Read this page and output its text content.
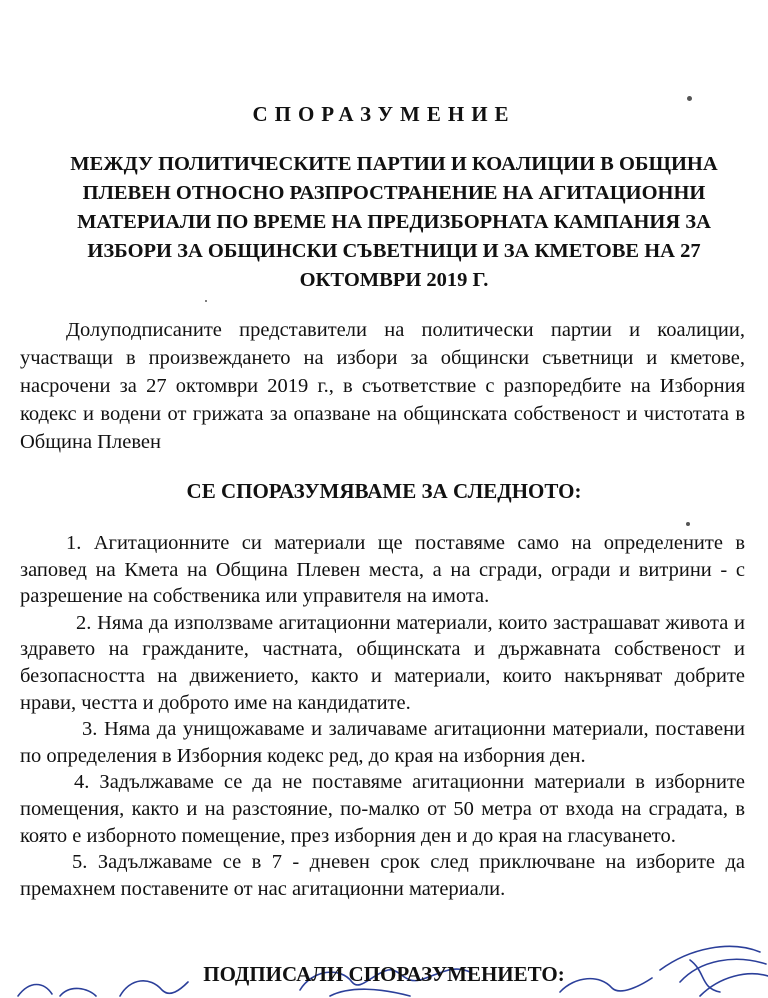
СПОРАЗУМЕНИЕ
МЕЖДУ ПОЛИТИЧЕСКИТЕ ПАРТИИ И КОАЛИЦИИ В ОБЩИНА ПЛЕВЕН ОТНОСНО РАЗПРОСТРАНЕНИЕ НА АГИТАЦИОННИ МАТЕРИАЛИ ПО ВРЕМЕ НА ПРЕДИЗБОРНАТА КАМПАНИЯ ЗА ИЗБОРИ ЗА ОБЩИНСКИ СЪВЕТНИЦИ И ЗА КМЕТОВЕ НА 27 ОКТОМВРИ 2019 Г.

Долуподписаните представители на политически партии и коалиции, участващи в произвеждането на избори за общински съветници и кметове, насрочени за 27 октомври 2019 г., в съответствие с разпоредбите на Изборния кодекс и водени от грижата за опазване на общинската собственост и чистотата в Община Плевен

СЕ СПОРАЗУМЯВАМЕ ЗА СЛЕДНОТО:

1. Агитационните си материали ще поставяме само на определените в заповед на Кмета на Община Плевен места, а на сгради, огради и витрини - с разрешение на собственика или управителя на имота.

2. Няма да използваме агитационни материали, които застрашават живота и здравето на гражданите, частната, общинската и държавната собственост и безопасността на движението, както и материали, които накърняват добрите нрави, честта и доброто име на кандидатите.

3. Няма да унищожаваме и заличаваме агитационни материали, поставени по определения в Изборния кодекс ред, до края на изборния ден.

4. Задължаваме се да не поставяме агитационни материали в изборните помещения, както и на разстояние, по-малко от 50 метра от входа на сградата, в която е изборното помещение, през изборния ден и до края на гласуването.

5. Задължаваме се в 7 - дневен срок след приключване на изборите да премахнем поставените от нас агитационни материали.

ПОДПИСАЛИ СПОРАЗУМЕНИЕТО:
